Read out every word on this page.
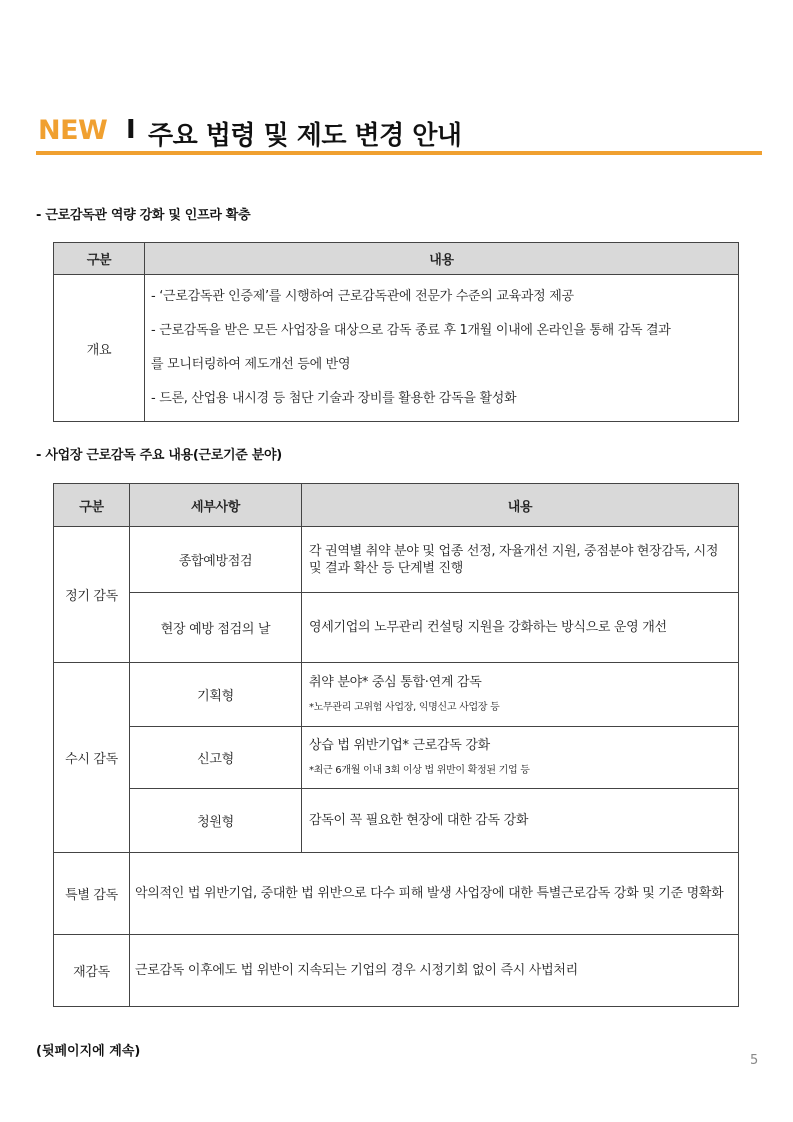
NEW I 주요 법령 및 제도 변경 안내
- 근로감독관 역량 강화 및 인프라 확충
구분	내용
개요	- ‘근로감독관 인증제’를 시행하여 근로감독관에 전문가 수준의 교육과정 제공
- 근로감독을 받은 모든 사업장을 대상으로 감독 종료 후 1개월 이내에 온라인을 통해 감독 결과
를 모니터링하여 제도개선 등에 반영
- 드론, 산업용 내시경 등 첨단 기술과 장비를 활용한 감독을 활성화
- 사업장 근로감독 주요 내용(근로기준 분야)
구분	세부사항	내용
정기 감독	종합예방점검	각 권역별 취약 분야 및 업종 선정, 자율개선 지원, 중점분야 현장감독, 시정 및 결과 확산 등 단계별 진행
	현장 예방 점검의 날	영세기업의 노무관리 컨설팅 지원을 강화하는 방식으로 운영 개선
수시 감독	기획형	취약 분야* 중심 통합·연계 감독
*노무관리 고위험 사업장, 익명신고 사업장 등

	신고형	상습 법 위반기업* 근로감독 강화
*최근 6개월 이내 3회 이상 법 위반이 확정된 기업 등

	청원형	감독이 꼭 필요한 현장에 대한 감독 강화
특별 감독	악의적인 법 위반기업, 중대한 법 위반으로 다수 피해 발생 사업장에 대한 특별근로감독 강화 및 기준 명확화	
재감독	근로감독 이후에도 법 위반이 지속되는 기업의 경우 시정기회 없이 즉시 사법처리	
(뒷페이지에 계속)
5
